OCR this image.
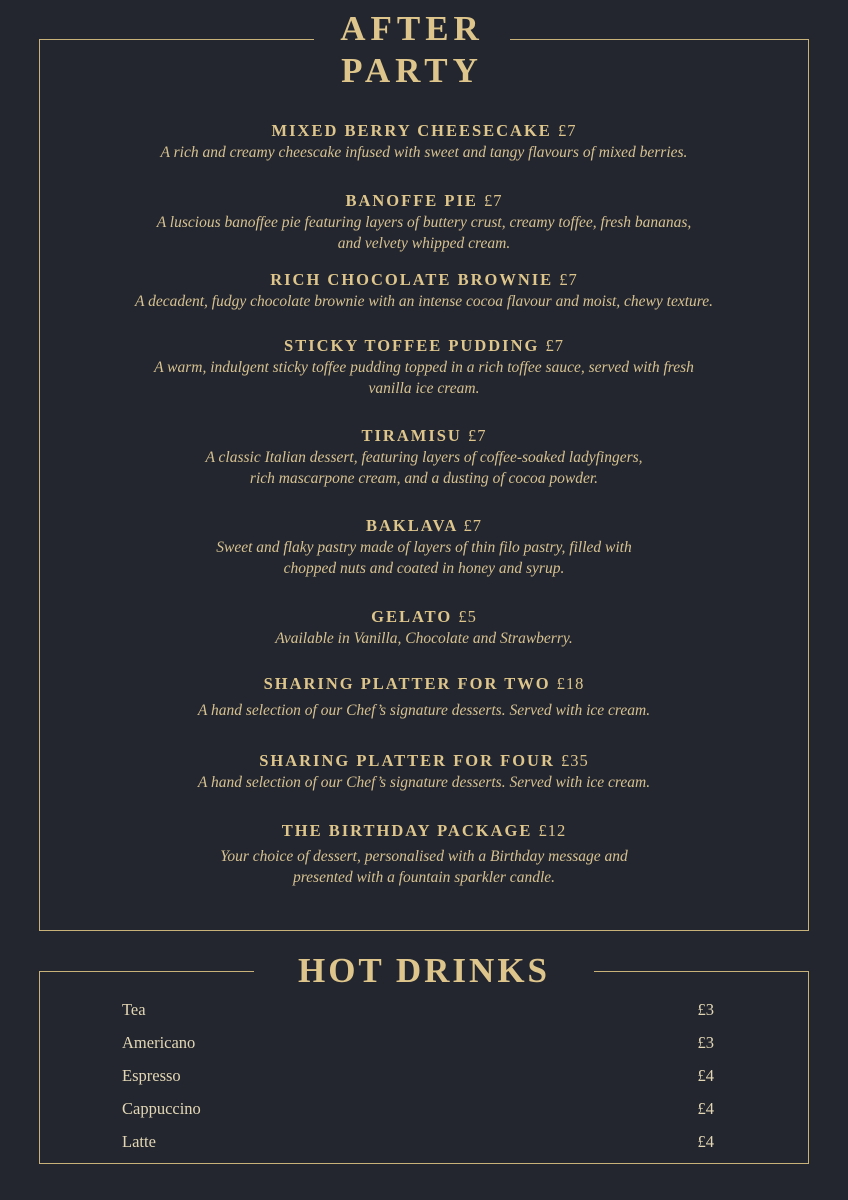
AFTER
PARTY
MIXED BERRY CHEESECAKE £7
A rich and creamy cheescake infused with sweet and tangy flavours of mixed berries.
BANOFFE PIE £7
A luscious banoffee pie featuring layers of buttery crust, creamy toffee, fresh bananas,
and velvety whipped cream.
RICH CHOCOLATE BROWNIE £7
A decadent, fudgy chocolate brownie with an intense cocoa flavour and moist, chewy texture.
STICKY TOFFEE PUDDING £7
A warm, indulgent sticky toffee pudding topped in a rich toffee sauce, served with fresh
vanilla ice cream.
TIRAMISU £7
A classic Italian dessert, featuring layers of coffee-soaked ladyfingers,
rich mascarpone cream, and a dusting of cocoa powder.
BAKLAVA £7
Sweet and flaky pastry made of layers of thin filo pastry, filled with
chopped nuts and coated in honey and syrup.
GELATO £5
Available in Vanilla, Chocolate and Strawberry.
SHARING PLATTER FOR TWO £18
A hand selection of our Chef’s signature desserts. Served with ice cream.
SHARING PLATTER FOR FOUR £35
A hand selection of our Chef’s signature desserts. Served with ice cream.
THE BIRTHDAY PACKAGE £12
Your choice of dessert, personalised with a Birthday message and
presented with a fountain sparkler candle.
HOT DRINKS
Tea	£3
Americano	£3
Espresso	£4
Cappuccino	£4
Latte	£4
